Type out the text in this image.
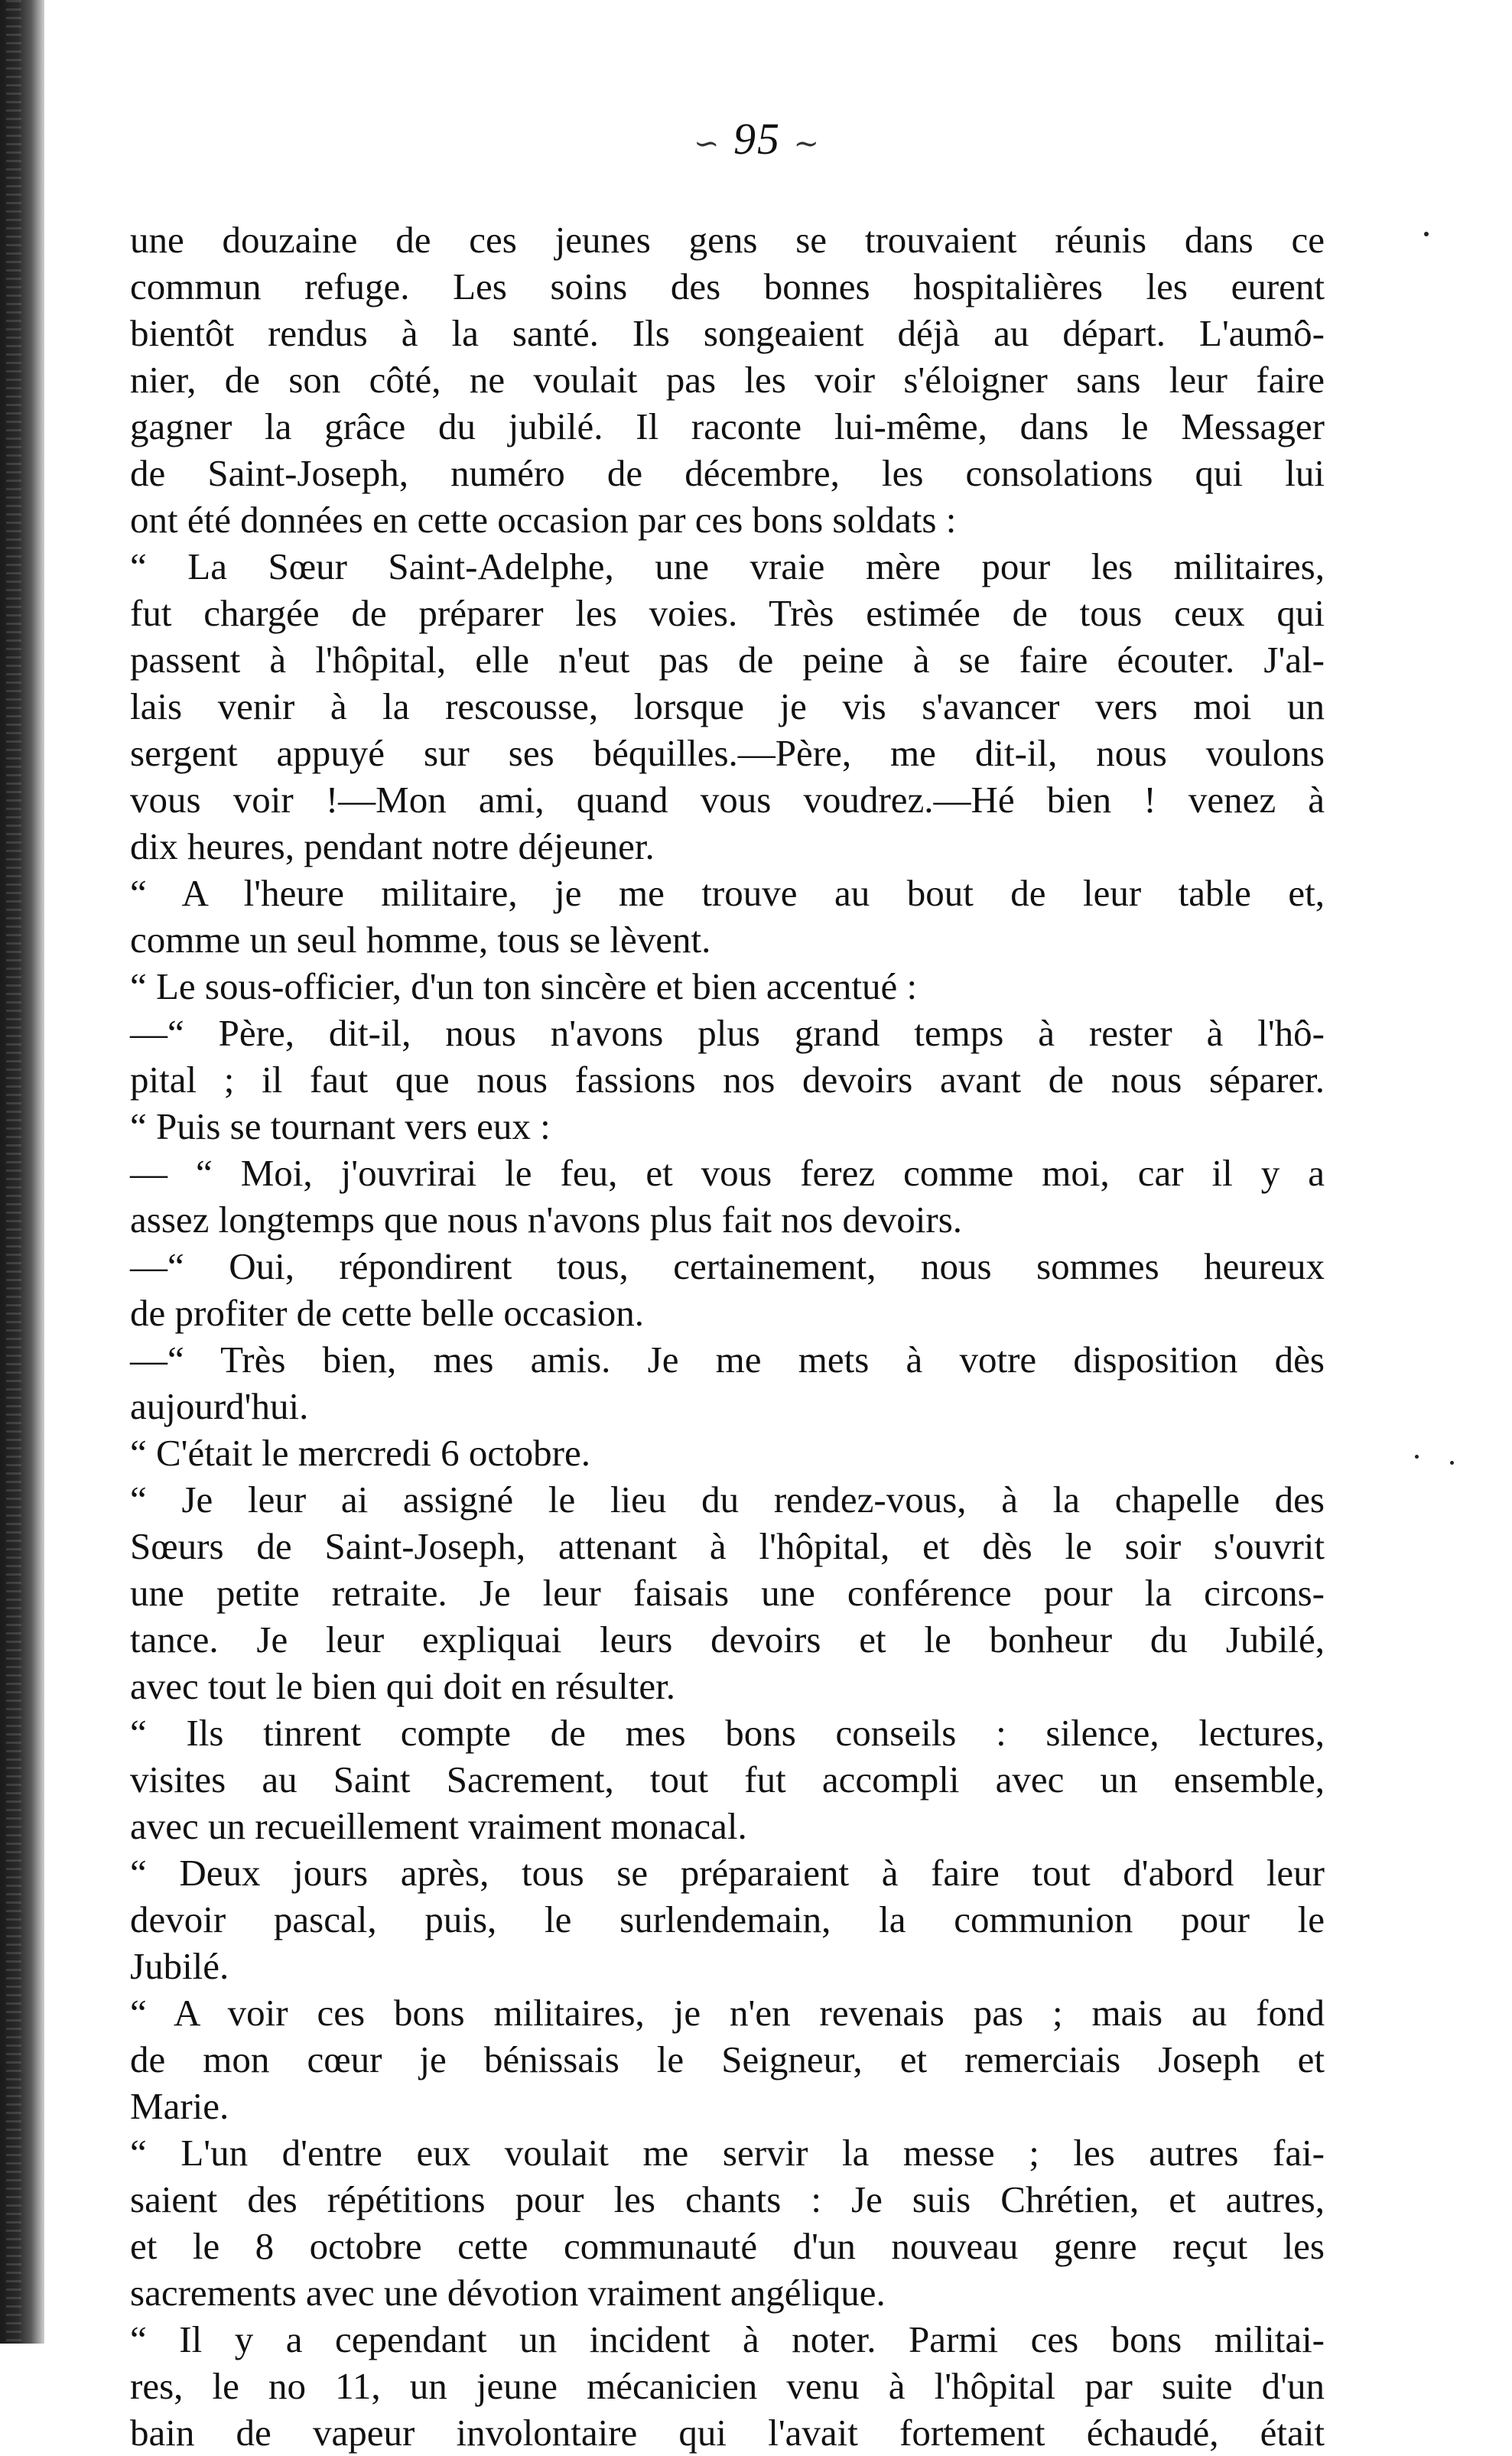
∽ 95 ∼
une douzaine de ces jeunes gens se trouvaient réunis dans ce
commun refuge. Les soins des bonnes hospitalières les eurent
bientôt rendus à la santé. Ils songeaient déjà au départ. L'aumô-
nier, de son côté, ne voulait pas les voir s'éloigner sans leur faire
gagner la grâce du jubilé. Il raconte lui-même, dans le Messager
de Saint-Joseph, numéro de décembre, les consolations qui lui
ont été données en cette occasion par ces bons soldats :
“ La Sœur Saint-Adelphe, une vraie mère pour les militaires,
fut chargée de préparer les voies. Très estimée de tous ceux qui
passent à l'hôpital, elle n'eut pas de peine à se faire écouter. J'al-
lais venir à la rescousse, lorsque je vis s'avancer vers moi un
sergent appuyé sur ses béquilles.—Père, me dit-il, nous voulons
vous voir !—Mon ami, quand vous voudrez.—Hé bien ! venez à
dix heures, pendant notre déjeuner.
“ A l'heure militaire, je me trouve au bout de leur table et,
comme un seul homme, tous se lèvent.
“ Le sous-officier, d'un ton sincère et bien accentué :
—“ Père, dit-il, nous n'avons plus grand temps à rester à l'hô-
pital ; il faut que nous fassions nos devoirs avant de nous séparer.
“ Puis se tournant vers eux :
— “ Moi, j'ouvrirai le feu, et vous ferez comme moi, car il y a
assez longtemps que nous n'avons plus fait nos devoirs.
—“ Oui, répondirent tous, certainement, nous sommes heureux
de profiter de cette belle occasion.
—“ Très bien, mes amis. Je me mets à votre disposition dès
aujourd'hui.
“ C'était le mercredi 6 octobre.
“ Je leur ai assigné le lieu du rendez-vous, à la chapelle des
Sœurs de Saint-Joseph, attenant à l'hôpital, et dès le soir s'ouvrit
une petite retraite. Je leur faisais une conférence pour la circons-
tance. Je leur expliquai leurs devoirs et le bonheur du Jubilé,
avec tout le bien qui doit en résulter.
“ Ils tinrent compte de mes bons conseils : silence, lectures,
visites au Saint Sacrement, tout fut accompli avec un ensemble,
avec un recueillement vraiment monacal.
“ Deux jours après, tous se préparaient à faire tout d'abord leur
devoir pascal, puis, le surlendemain, la communion pour le
Jubilé.
“ A voir ces bons militaires, je n'en revenais pas ; mais au fond
de mon cœur je bénissais le Seigneur, et remerciais Joseph et
Marie.
“ L'un d'entre eux voulait me servir la messe ; les autres fai-
saient des répétitions pour les chants : Je suis Chrétien, et autres,
et le 8 octobre cette communauté d'un nouveau genre reçut les
sacrements avec une dévotion vraiment angélique.
“ Il y a cependant un incident à noter. Parmi ces bons militai-
res, le no 11, un jeune mécanicien venu à l'hôpital par suite d'un
bain de vapeur involontaire qui l'avait fortement échaudé, était
